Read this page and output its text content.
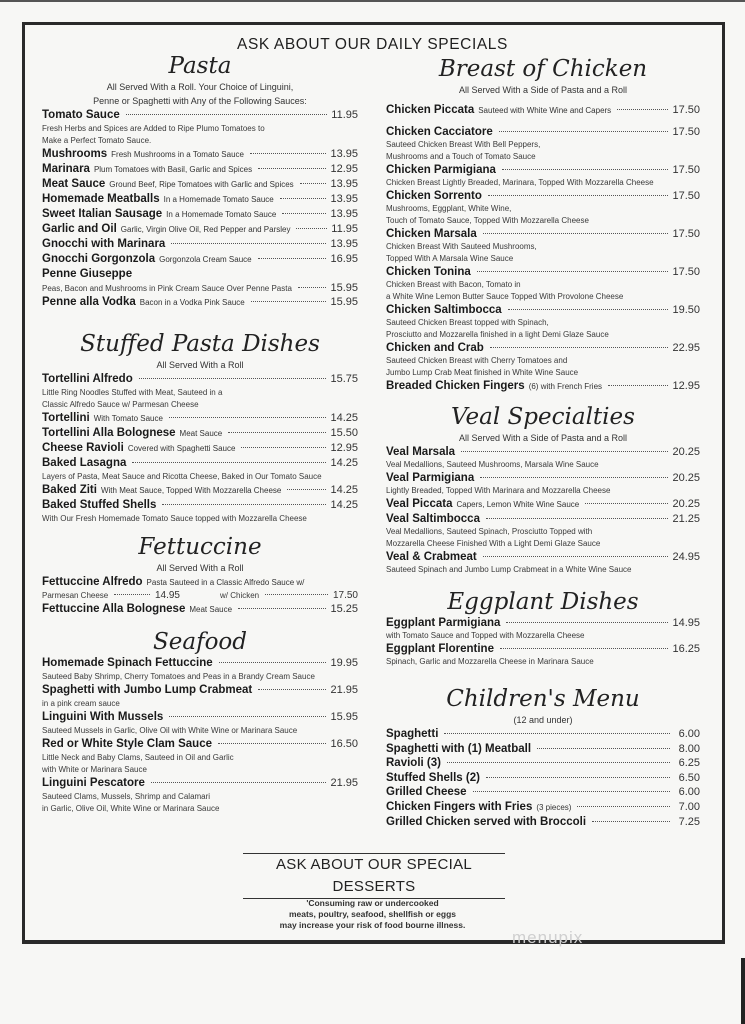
ASK ABOUT OUR DAILY SPECIALS
Pasta
All Served With a Roll. Your Choice of Linguini,
Penne or Spaghetti with Any of the Following Sauces:
Tomato Sauce	11.95
Fresh Herbs and Spices are Added to Ripe Plumo Tomatoes to
Make a Perfect Tomato Sauce.
Mushrooms Fresh Mushrooms in a Tomato Sauce	13.95
Marinara Plum Tomatoes with Basil, Garlic and Spices	12.95
Meat Sauce Ground Beef, Ripe Tomatoes with Garlic and Spices	13.95
Homemade Meatballs In a Homemade Tomato Sauce	13.95
Sweet Italian Sausage In a Homemade Tomato Sauce	13.95
Garlic and Oil Garlic, Virgin Olive Oil, Red Pepper and Parsley	11.95
Gnocchi with Marinara	13.95
Gnocchi Gorgonzola Gorgonzola Cream Sauce	16.95
Penne Giuseppe
Peas, Bacon and Mushrooms in Pink Cream Sauce Over Penne Pasta	15.95
Penne alla Vodka Bacon in a Vodka Pink Sauce	15.95
Stuffed Pasta Dishes
All Served With a Roll
Tortellini Alfredo	15.75
Little Ring Noodles Stuffed with Meat, Sauteed in a
Classic Alfredo Sauce w/ Parmesan Cheese
Tortellini With Tomato Sauce	14.25
Tortellini Alla Bolognese Meat Sauce	15.50
Cheese Ravioli Covered with Spaghetti Sauce	12.95
Baked Lasagna	14.25
Layers of Pasta, Meat Sauce and Ricotta Cheese, Baked in Our Tomato Sauce
Baked Ziti With Meat Sauce, Topped With Mozzarella Cheese	14.25
Baked Stuffed Shells	14.25
With Our Fresh Homemade Tomato Sauce topped with Mozzarella Cheese
Fettuccine
All Served With a Roll
Fettuccine Alfredo Pasta Sauteed in a Classic Alfredo Sauce w/
Parmesan Cheese	14.95	w/ Chicken	17.50
Fettuccine Alla Bolognese Meat Sauce	15.25
Seafood
Homemade Spinach Fettuccine	19.95
Sauteed Baby Shrimp, Cherry Tomatoes and Peas in a Brandy Cream Sauce
Spaghetti with Jumbo Lump Crabmeat	21.95
in a pink cream sauce
Linguini With Mussels	15.95
Sauteed Mussels in Garlic, Olive Oil with White Wine or Marinara Sauce
Red or White Style Clam Sauce	16.50
Little Neck and Baby Clams, Sauteed in Oil and Garlic
with White or Marinara Sauce
Linguini Pescatore	21.95
Sauteed Clams, Mussels, Shrimp and Calamari
in Garlic, Olive Oil, White Wine or Marinara Sauce
Breast of Chicken
All Served With a Side of Pasta and a Roll
Chicken Piccata Sauteed with White Wine and Capers	17.50
Chicken Cacciatore	17.50
Sauteed Chicken Breast With Bell Peppers,
Mushrooms and a Touch of Tomato Sauce
Chicken Parmigiana	17.50
Chicken Breast Lightly Breaded, Marinara, Topped With Mozzarella Cheese
Chicken Sorrento	17.50
Mushrooms, Eggplant, White Wine,
Touch of Tomato Sauce, Topped With Mozzarella Cheese
Chicken Marsala	17.50
Chicken Breast With Sauteed Mushrooms,
Topped With A Marsala Wine Sauce
Chicken Tonina	17.50
Chicken Breast with Bacon, Tomato in
a White Wine Lemon Butter Sauce Topped With Provolone Cheese
Chicken Saltimbocca	19.50
Sauteed Chicken Breast topped with Spinach,
Prosciutto and Mozzarella finished in a light Demi Glaze Sauce
Chicken and Crab	22.95
Sauteed Chicken Breast with Cherry Tomatoes and
Jumbo Lump Crab Meat finished in White Wine Sauce
Breaded Chicken Fingers (6) with French Fries	12.95
Veal Specialties
All Served With a Side of Pasta and a Roll
Veal Marsala	20.25
Veal Medallions, Sauteed Mushrooms, Marsala Wine Sauce
Veal Parmigiana	20.25
Lightly Breaded, Topped With Marinara and Mozzarella Cheese
Veal Piccata Capers, Lemon White Wine Sauce	20.25
Veal Saltimbocca	21.25
Veal Medallions, Sauteed Spinach, Prosciutto Topped with
Mozzarella Cheese Finished With a Light Demi Glaze Sauce
Veal & Crabmeat	24.95
Sauteed Spinach and Jumbo Lump Crabmeat in a White Wine Sauce
Eggplant Dishes
Eggplant Parmigiana	14.95
with Tomato Sauce and Topped with Mozzarella Cheese
Eggplant Florentine	16.25
Spinach, Garlic and Mozzarella Cheese in Marinara Sauce
Children's Menu
(12 and under)
Spaghetti	6.00
Spaghetti with (1) Meatball	8.00
Ravioli (3)	6.25
Stuffed Shells (2)	6.50
Grilled Cheese	6.00
Chicken Fingers with Fries (3 pieces)	7.00
Grilled Chicken served with Broccoli	7.25
ASK ABOUT OUR SPECIAL DESSERTS
'Consuming raw or undercooked
meats, poultry, seafood, shellfish or eggs
may increase your risk of food bourne illness.
menupix
